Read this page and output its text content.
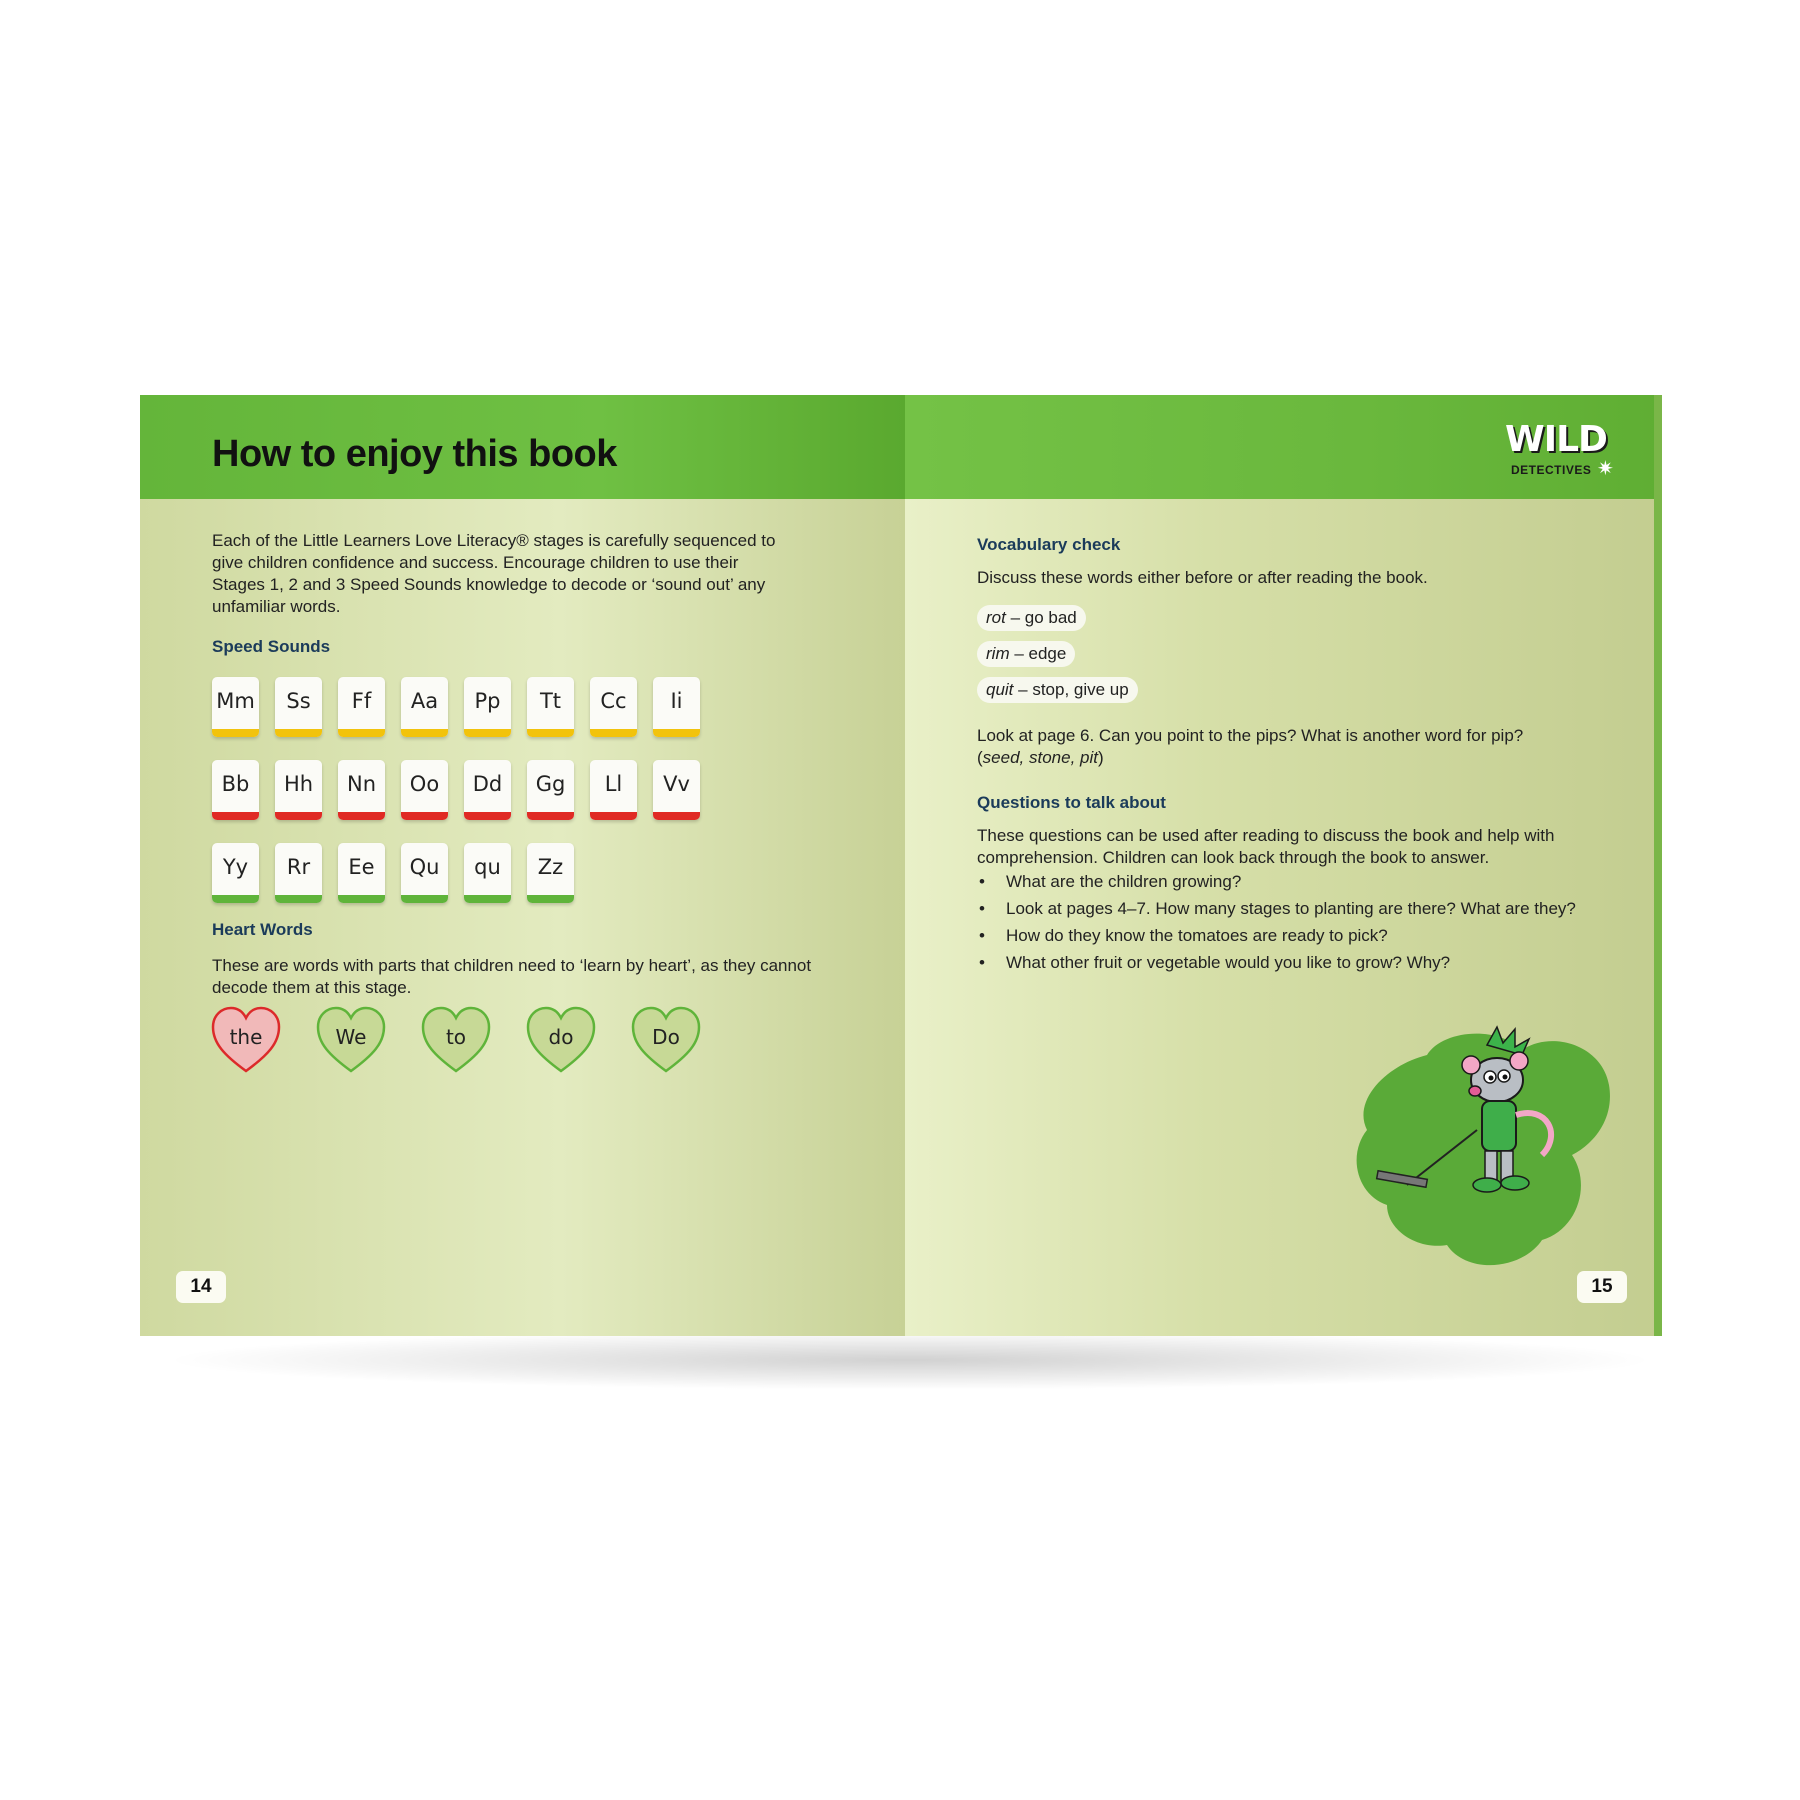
How to enjoy this book
Each of the Little Learners Love Literacy® stages is carefully sequenced to give children confidence and success. Encourage children to use their Stages 1, 2 and 3 Speed Sounds knowledge to decode or ‘sound out’ any unfamiliar words.
Speed Sounds
Mm Ss Ff Aa Pp Tt Cc Ii
Bb Hh Nn Oo Dd Gg Ll Vv
Yy Rr Ee Qu qu Zz
Heart Words
These are words with parts that children need to ‘learn by heart’, as they cannot decode them at this stage.
the	We	to	do	Do
14
WILD
DETECTIVES ✷
Vocabulary check
Discuss these words either before or after reading the book.
rot – go bad
rim – edge
quit – stop, give up
Look at page 6. Can you point to the pips? What is another word for pip?
(seed, stone, pit)
Questions to talk about
These questions can be used after reading to discuss the book and help with comprehension. Children can look back through the book to answer.
• What are the children growing?
• Look at pages 4–7. How many stages to planting are there? What are they?
• How do they know the tomatoes are ready to pick?
• What other fruit or vegetable would you like to grow? Why?
15
